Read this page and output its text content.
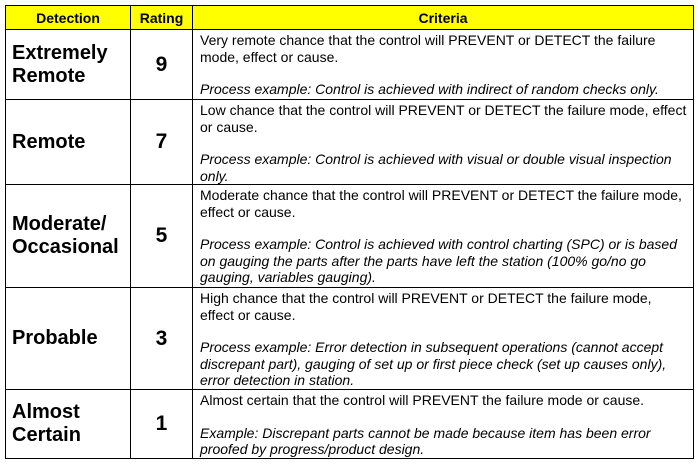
Detection	Rating	Criteria
Extremely Remote	9	Very remote chance that the control will PREVENT or DETECT the failure mode, effect or cause.
Process example: Control is achieved with indirect of random checks only.

Remote	7	Low chance that the control will PREVENT or DETECT the failure mode, effect or cause.
Process example: Control is achieved with visual or double visual inspection only.

Moderate/ Occasional	5	Moderate chance that the control will PREVENT or DETECT the failure mode, effect or cause.
Process example: Control is achieved with control charting (SPC) or is based on gauging the parts after the parts have left the station (100% go/no go gauging, variables gauging).

Probable	3	High chance that the control will PREVENT or DETECT the failure mode, effect or cause.
Process example: Error detection in subsequent operations (cannot accept discrepant part), gauging of set up or first piece check (set up causes only), error detection in station.

Almost Certain	1	Almost certain that the control will PREVENT the failure mode or cause.
Example: Discrepant parts cannot be made because item has been error proofed by progress/product design.
